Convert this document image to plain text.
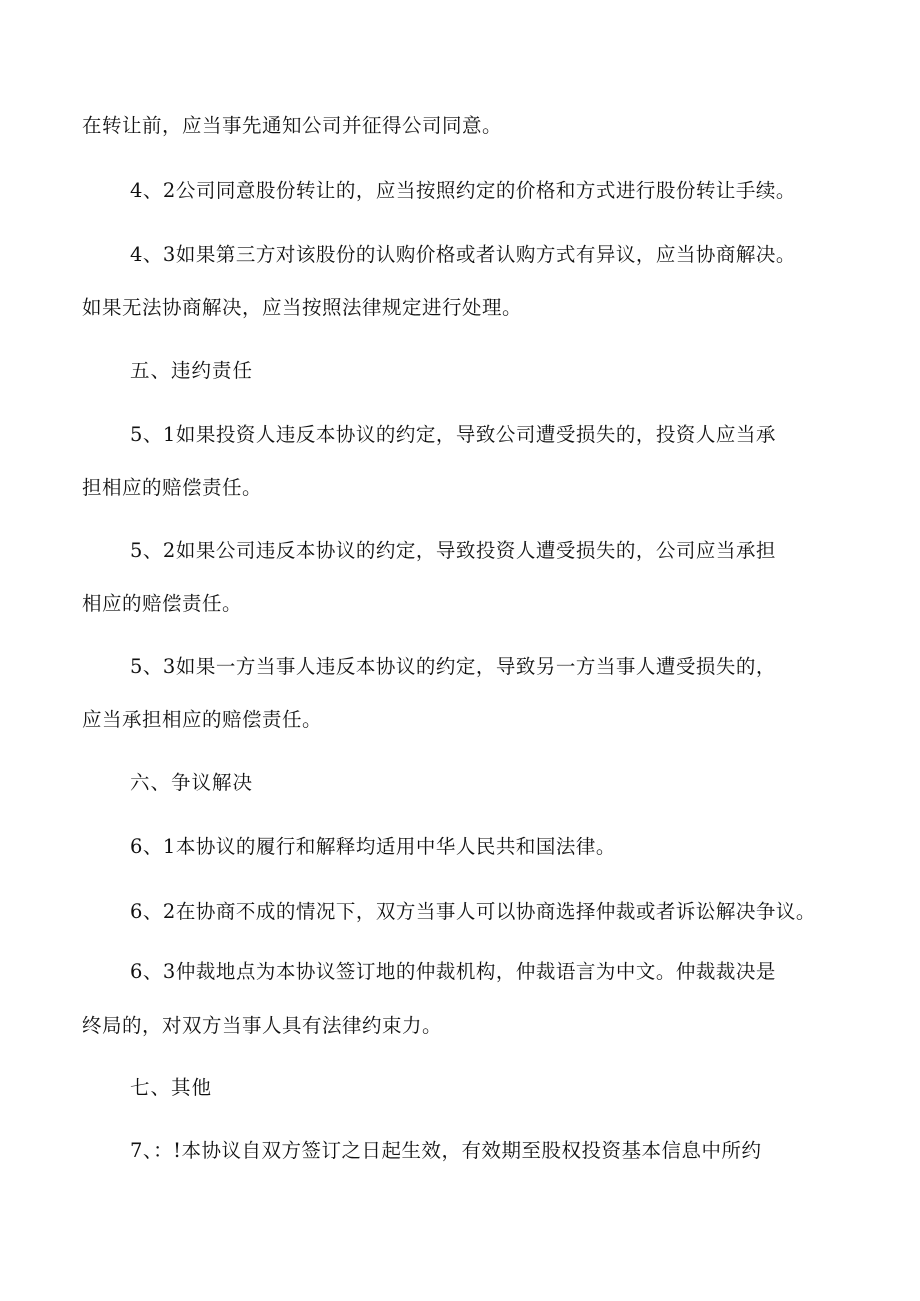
在转让前，应当事先通知公司并征得公司同意。
4、2公司同意股份转让的，应当按照约定的价格和方式进行股份转让手续。
4、3如果第三方对该股份的认购价格或者认购方式有异议，应当协商解决。
如果无法协商解决，应当按照法律规定进行处理。
五、违约责任
5、1如果投资人违反本协议的约定，导致公司遭受损失的，投资人应当承
担相应的赔偿责任。
5、2如果公司违反本协议的约定，导致投资人遭受损失的，公司应当承担
相应的赔偿责任。
5、3如果一方当事人违反本协议的约定，导致另一方当事人遭受损失的，
应当承担相应的赔偿责任。
六、争议解决
6、1本协议的履行和解释均适用中华人民共和国法律。
6、2在协商不成的情况下，双方当事人可以协商选择仲裁或者诉讼解决争议。
6、3仲裁地点为本协议签订地的仲裁机构，仲裁语言为中文。仲裁裁决是
终局的，对双方当事人具有法律约束力。
七、其他
7、：!本协议自双方签订之日起生效，有效期至股权投资基本信息中所约
